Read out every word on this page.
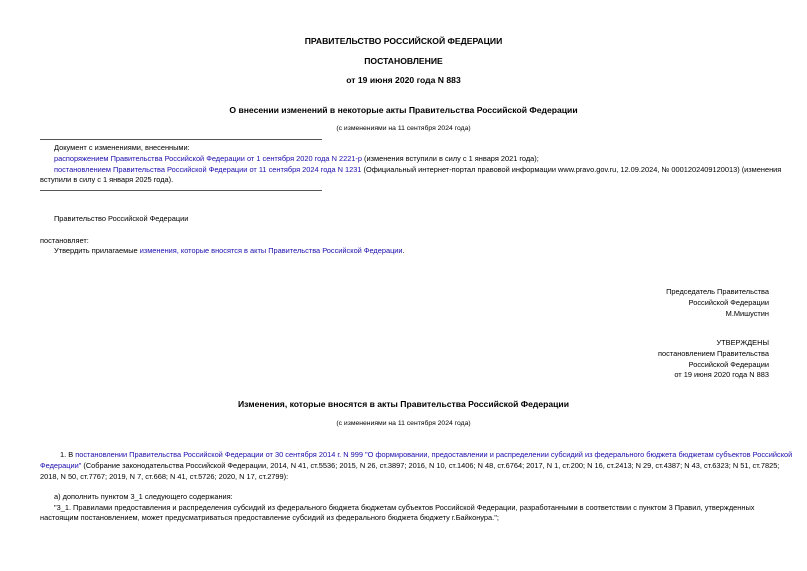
ПРАВИТЕЛЬСТВО РОССИЙСКОЙ ФЕДЕРАЦИИ
ПОСТАНОВЛЕНИЕ
от 19 июня 2020 года N 883
О внесении изменений в некоторые акты Правительства Российской Федерации
(с изменениями на 11 сентября 2024 года)
Документ с изменениями, внесенными:
распоряжением Правительства Российской Федерации от 1 сентября 2020 года N 2221-р (изменения вступили в силу с 1 января 2021 года);
постановлением Правительства Российской Федерации от 11 сентября 2024 года N 1231 (Официальный интернет-портал правовой информации www.pravo.gov.ru, 12.09.2024, № 0001202409120013) (изменения
вступили в силу с 1 января 2025 года).
Правительство Российской Федерации
постановляет:
Утвердить прилагаемые изменения, которые вносятся в акты Правительства Российской Федерации.
Председатель Правительства
Российской Федерации
М.Мишустин
УТВЕРЖДЕНЫ
постановлением Правительства
Российской Федерации
от 19 июня 2020 года N 883
Изменения, которые вносятся в акты Правительства Российской Федерации
(с изменениями на 11 сентября 2024 года)
1. В постановлении Правительства Российской Федерации от 30 сентября 2014 г. N 999 "О формировании, предоставлении и распределении субсидий из федерального бюджета бюджетам субъектов Российской
Федерации" (Собрание законодательства Российской Федерации, 2014, N 41, ст.5536; 2015, N 26, ст.3897; 2016, N 10, ст.1406; N 48, ст.6764; 2017, N 1, ст.200; N 16, ст.2413; N 29, ст.4387; N 43, ст.6323; N 51, ст.7825;
2018, N 50, ст.7767; 2019, N 7, ст.668; N 41, ст.5726; 2020, N 17, ст.2799):
а) дополнить пунктом 3_1 следующего содержания:
"3_1. Правилами предоставления и распределения субсидий из федерального бюджета бюджетам субъектов Российской Федерации, разработанными в соответствии с пунктом 3 Правил, утвержденных
настоящим постановлением, может предусматриваться предоставление субсидий из федерального бюджета бюджету г.Байконура.";
